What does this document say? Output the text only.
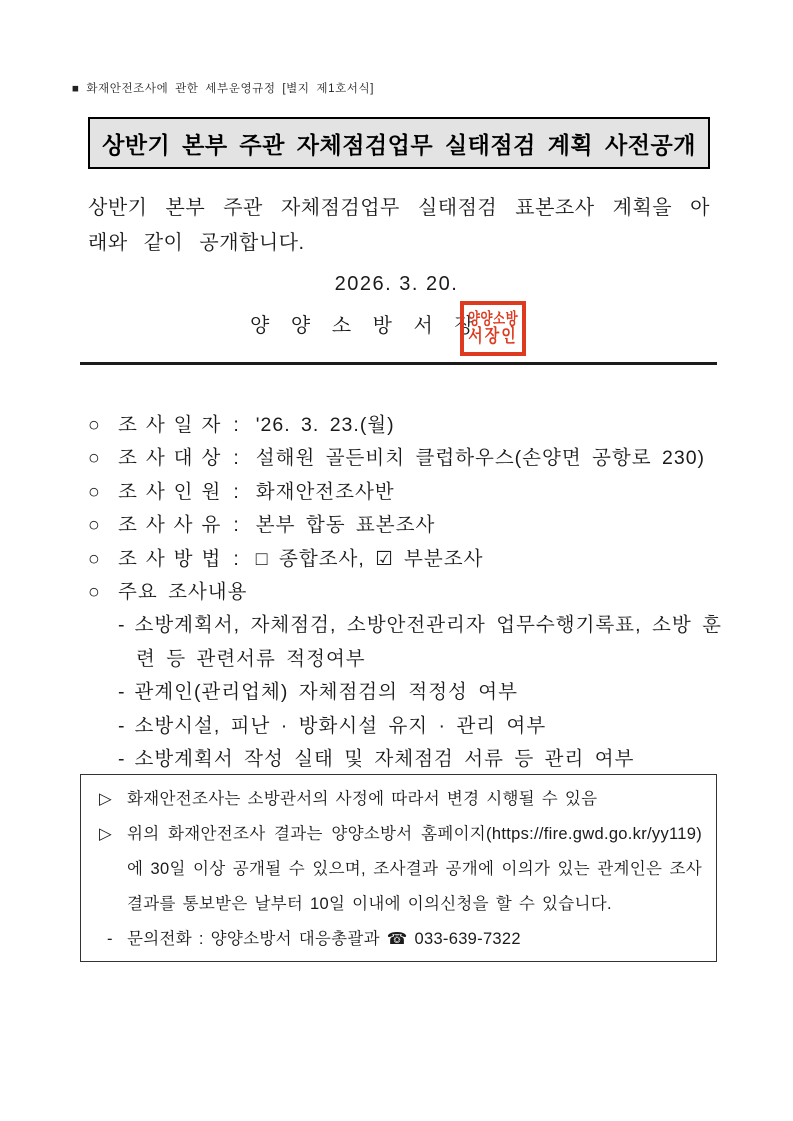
■ 화재안전조사에 관한 세부운영규정 [별지 제1호서식]
상반기 본부 주관 자체점검업무 실태점검 계획 사전공개
상반기 본부 주관 자체점검업무 실태점검 표본조사 계획을 아래와 같이 공개합니다.
2026. 3. 20.
양 양 소 방 서 장
양양소방
서장인
○ 조사일자 : '26. 3. 23.(월)
○ 조사대상 : 설해원 골든비치 클럽하우스(손양면 공항로 230)
○ 조사인원 : 화재안전조사반
○ 조사사유 : 본부 합동 표본조사
○ 조사방법 : □ 종합조사, ☑ 부분조사
○ 주요 조사내용
- 소방계획서, 자체점검, 소방안전관리자 업무수행기록표, 소방 훈련 등 관련서류 적정여부
- 관계인(관리업체) 자체점검의 적정성 여부
- 소방시설, 피난 · 방화시설 유지 · 관리 여부
- 소방계획서 작성 실태 및 자체점검 서류 등 관리 여부
▷ 화재안전조사는 소방관서의 사정에 따라서 변경 시행될 수 있음
▷ 위의 화재안전조사 결과는 양양소방서 홈페이지(https://fire.gwd.go.kr/yy119)에 30일 이상 공개될 수 있으며, 조사결과 공개에 이의가 있는 관계인은 조사결과를 통보받은 날부터 10일 이내에 이의신청을 할 수 있습니다.
- 문의전화 : 양양소방서 대응총괄과 ☎ 033-639-7322
